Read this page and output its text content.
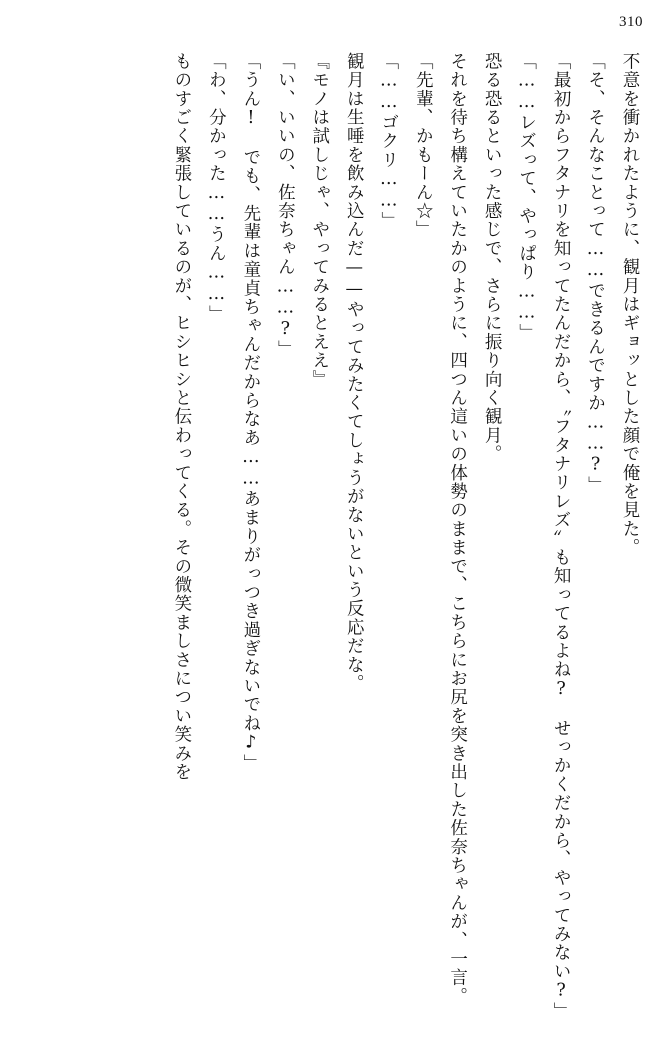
310

不意を衝かれたように、観月はギョッとした顔で俺を見た。

「そ、そんなことって……できるんですか……?」

「最初からフタナリを知ってたんだから、〝フタナリレズ〟も知ってるよね?　せっかくだから、やってみない?」

「……レズって、やっぱり……」

恐る恐るといった感じで、さらに振り向く観月。

それを待ち構えていたかのように、四つん這いの体勢のままで、こちらにお尻を突き出した佐奈ちゃんが、一言。

「先輩、かもーん☆」

「……ゴクリ……」

観月は生唾を飲み込んだ——やってみたくてしょうがないという反応だな。

『モノは試しじゃ、やってみるとええ』

「い、いいの、佐奈ちゃん……?」

「うん!　でも、先輩は童貞ちゃんだからなあ……あまりがっつき過ぎないでね♪」

「わ、分かった……うん……」

ものすごく緊張しているのが、ヒシヒシと伝わってくる。その微笑ましさについ笑みを
